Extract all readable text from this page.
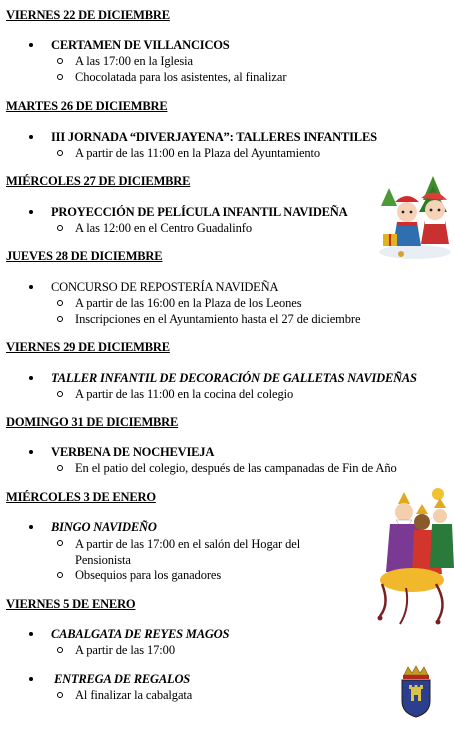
VIERNES 22 DE DICIEMBRE
CERTAMEN DE VILLANCICOS
A las 17:00 en la Iglesia
Chocolatada para los asistentes, al finalizar
MARTES 26 DE DICIEMBRE
III JORNADA “DIVERJAYENA”: TALLERES INFANTILES
A partir de las 11:00 en la Plaza del Ayuntamiento
MIÉRCOLES 27 DE DICIEMBRE
PROYECCIÓN DE PELÍCULA INFANTIL NAVIDEÑA
A las 12:00 en el Centro Guadalinfo
JUEVES 28 DE DICIEMBRE
CONCURSO DE REPOSTERÍA NAVIDEÑA
A partir de las 16:00 en la Plaza de los Leones
Inscripciones en el Ayuntamiento hasta el 27 de diciembre
VIERNES 29 DE DICIEMBRE
TALLER INFANTIL DE DECORACIÓN DE GALLETAS NAVIDEÑAS
A partir de las 11:00 en la cocina del colegio
DOMINGO 31 DE DICIEMBRE
VERBENA DE NOCHEVIEJA
En el patio del colegio, después de las campanadas de Fin de Año
MIÉRCOLES 3 DE ENERO
BINGO NAVIDEÑO
A partir de las 17:00 en el salón del Hogar del Pensionista
Obsequios para los ganadores
VIERNES 5 DE ENERO
CABALGATA DE REYES MAGOS
A partir de las 17:00
ENTREGA DE REGALOS
Al finalizar la cabalgata
